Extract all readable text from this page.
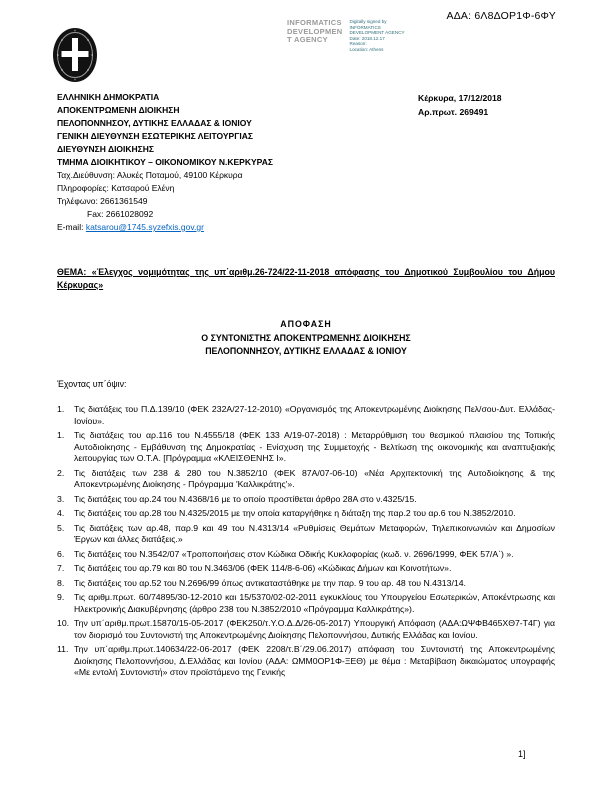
ΑΔΑ: 6Λ8ΔΟΡ1Φ-6ΦΥ
INFORMATICS
DEVELOPMEN
T AGENCY
Digitally signed by
INFORMATICS
DEVELOPMENT AGENCY
Date: 2018.12.17
Reason:
Location: Athens
ΕΛΛΗΝΙΚΗ ΔΗΜΟΚΡΑΤΙΑ
ΑΠΟΚΕΝΤΡΩΜΕΝΗ ΔΙΟΙΚΗΣΗ
ΠΕΛΟΠΟΝΝΗΣΟΥ, ΔΥΤΙΚΗΣ ΕΛΛΑΔΑΣ & ΙΟΝΙΟΥ
ΓΕΝΙΚΗ ΔΙΕΥΘΥΝΣΗ ΕΣΩΤΕΡΙΚΗΣ ΛΕΙΤΟΥΡΓΙΑΣ
ΔΙΕΥΘΥΝΣΗ ΔΙΟΙΚΗΣΗΣ
ΤΜΗΜΑ ΔΙΟΙΚΗΤΙΚΟΥ – ΟΙΚΟΝΟΜΙΚΟΥ Ν.ΚΕΡΚΥΡΑΣ
Ταχ.Διεύθυνση: Αλυκές Ποταμού, 49100 Κέρκυρα
Πληροφορίες: Κατσαρού Ελένη
Τηλέφωνο: 2661361549
Fax: 2661028092
E-mail: katsarou@1745.syzefxis.gov.gr
Κέρκυρα, 17/12/2018
Αρ.πρωτ. 269491
ΘΕΜΑ: «Έλεγχος νομιμότητας της υπ΄αριθμ.26-724/22-11-2018 απόφασης του Δημοτικού Συμβουλίου του Δήμου Κέρκυρας»
ΑΠΟΦΑΣΗ
Ο ΣΥΝΤΟΝΙΣΤΗΣ ΑΠΟΚΕΝΤΡΩΜΕΝΗΣ ΔΙΟΙΚΗΣΗΣ
ΠΕΛΟΠΟΝΝΗΣΟΥ, ΔΥΤΙΚΗΣ ΕΛΛΑΔΑΣ & ΙΟΝΙΟΥ
Έχοντας υπ΄όψιν:
1.	Τις διατάξεις του Π.Δ.139/10 (ΦΕΚ 232Α/27-12-2010) «Οργανισμός της Αποκεντρωμένης Διοίκησης Πελ/σου-Δυτ. Ελλάδας-Ιονίου».
1.	Τις διατάξεις του αρ.116 του Ν.4555/18 (ΦΕΚ 133 Α/19-07-2018) : Μεταρρύθμιση του θεσμικού πλαισίου της Τοπικής Αυτοδιοίκησης - Εμβάθυνση της Δημοκρατίας - Ενίσχυση της Συμμετοχής - Βελτίωση της οικονομικής και αναπτυξιακής λειτουργίας των Ο.Τ.Α. [Πρόγραμμα «ΚΛΕΙΣΘΕΝΗΣ Ι».
2.	Τις διατάξεις των 238 & 280 του Ν.3852/10 (ΦΕΚ 87Α/07-06-10) «Νέα Αρχιτεκτονική της Αυτοδιοίκησης & της Αποκεντρωμένης Διοίκησης - Πρόγραμμα 'Καλλικράτης'».
3.	Τις διατάξεις του αρ.24 του Ν.4368/16 με το οποίο προστίθεται άρθρο 28Α στο ν.4325/15.
4.	Τις διατάξεις του αρ.28 του Ν.4325/2015 με την οποία καταργήθηκε η διάταξη της παρ.2 του αρ.6 του Ν.3852/2010.
5.	Τις διατάξεις των αρ.48, παρ.9 και 49 του Ν.4313/14 «Ρυθμίσεις Θεμάτων Μεταφορών, Τηλεπικοινωνιών και Δημοσίων Έργων και άλλες διατάξεις.»
6.	Τις διατάξεις του Ν.3542/07 «Τροποποιήσεις στον Κώδικα Οδικής Κυκλοφορίας (κωδ. ν. 2696/1999, ΦΕΚ 57/Α΄) ».
7.	Τις διατάξεις του αρ.79 και 80 του Ν.3463/06 (ΦΕΚ 114/8-6-06) «Κώδικας Δήμων και Κοινοτήτων».
8.	Τις διατάξεις του αρ.52 του Ν.2696/99 όπως αντικαταστάθηκε με την παρ. 9 του αρ. 48 του Ν.4313/14.
9.	Τις αριθμ.πρωτ. 60/74895/30-12-2010 και 15/5370/02-02-2011 εγκυκλίους του Υπουργείου Εσωτερικών, Αποκέντρωσης και Ηλεκτρονικής Διακυβέρνησης (άρθρο 238 του Ν.3852/2010 «Πρόγραμμα Καλλικράτης»).
10. Την υπ΄αριθμ.πρωτ.15870/15-05-2017 (ΦΕΚ250/τ.Υ.Ο.Δ.Δ/26-05-2017) Υπουργική Απόφαση (ΑΔΑ:ΩΨΦΒ465ΧΘ7-Τ4Γ) για τον διορισμό του Συντονιστή της Αποκεντρωμένης Διοίκησης Πελοποννήσου, Δυτικής Ελλάδας και Ιονίου.
11. Την υπ΄αριθμ.πρωτ.140634/22-06-2017 (ΦΕΚ 2208/τ.Β΄/29.06.2017) απόφαση του Συντονιστή της Αποκεντρωμένης Διοίκησης Πελοποννήσου, Δ.Ελλάδας και Ιονίου (ΑΔΑ: ΩΜΜ0ΟΡ1Φ-ΞΕΘ) με θέμα : Μεταβίβαση δικαιώματος υπογραφής «Με εντολή Συντονιστή» στον προϊστάμενο της Γενικής
1]
